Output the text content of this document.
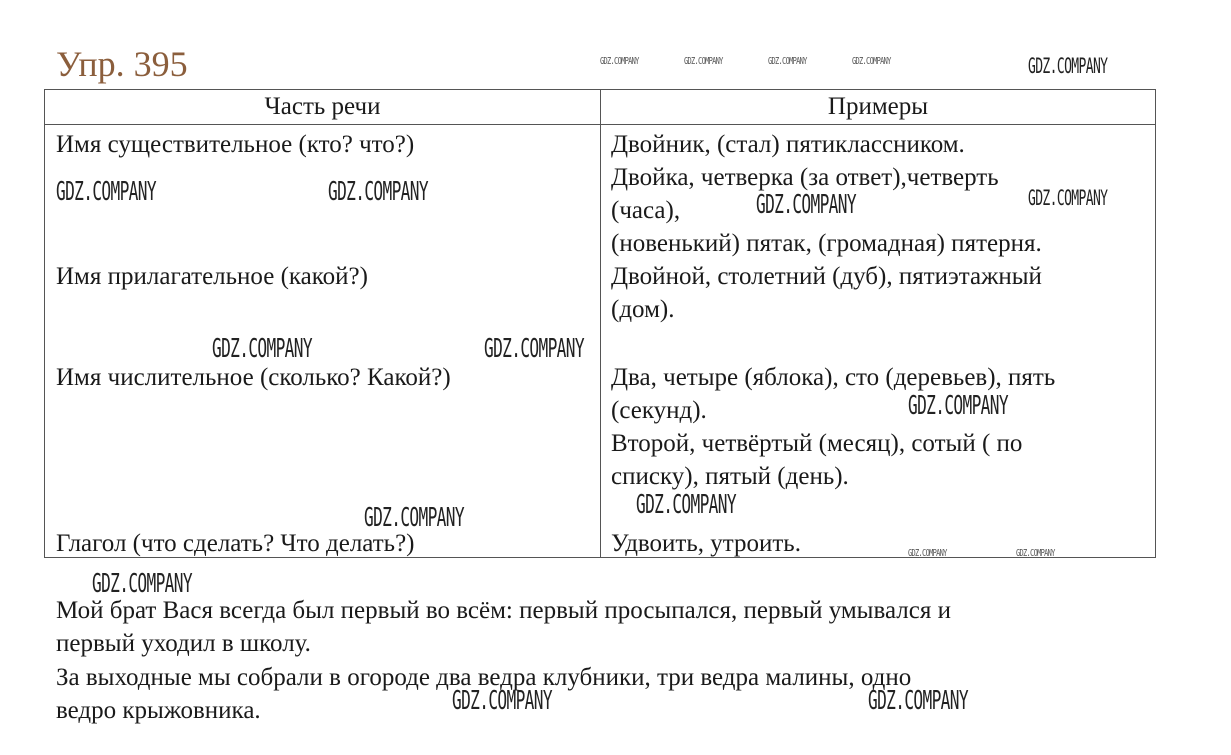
Упр. 395
Часть речи	Примеры
Имя существительное (кто? что?)	Двойник, (стал) пятиклассником.
Двойка, четверка (за ответ),четверть
(часа),
(новенький) пятак, (громадная) пятерня.
Имя прилагательное (какой?)	Двойной, столетний (дуб), пятиэтажный
(дом).
Имя числительное (сколько? Какой?)	Два, четыре (яблока), сто (деревьев), пять
(секунд).
Второй, четвёртый (месяц), сотый ( по
списку), пятый (день).
Глагол (что сделать? Что делать?)	Удвоить, утроить.
Мой брат Вася всегда был первый во всём: первый просыпался, первый умывался и
первый уходил в школу.
За выходные мы собрали в огороде два ведра клубники, три ведра малины, одно
ведро крыжовника.
GDZ.COMPANY	GDZ.COMPANY	GDZ.COMPANY	GDZ.COMPANY	GDZ.COMPANY
GDZ.COMPANY	GDZ.COMPANY	GDZ.COMPANY	GDZ.COMPANY
GDZ.COMPANY	GDZ.COMPANY
GDZ.COMPANY
GDZ.COMPANY
GDZ.COMPANY
GDZ.COMPANY	GDZ.COMPANY
GDZ.COMPANY
GDZ.COMPANY	GDZ.COMPANY
